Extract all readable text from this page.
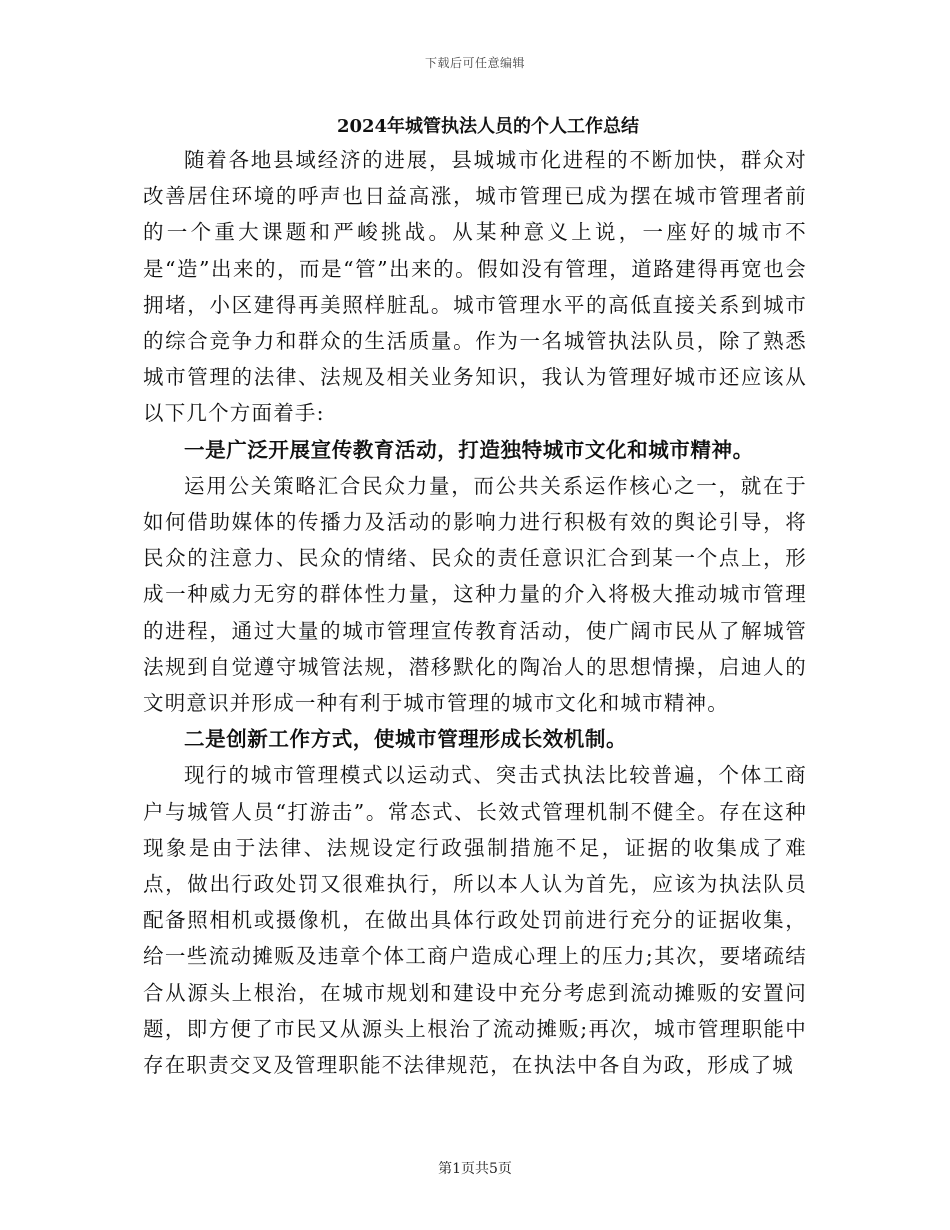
下载后可任意编辑
2024年城管执法人员的个人工作总结

随着各地县域经济的进展，县城城市化进程的不断加快，群众对改善居住环境的呼声也日益高涨，城市管理已成为摆在城市管理者前的一个重大课题和严峻挑战。从某种意义上说，一座好的城市不是“造”出来的，而是“管”出来的。假如没有管理，道路建得再宽也会拥堵，小区建得再美照样脏乱。城市管理水平的高低直接关系到城市的综合竞争力和群众的生活质量。作为一名城管执法队员，除了熟悉城市管理的法律、法规及相关业务知识，我认为管理好城市还应该从以下几个方面着手:

一是广泛开展宣传教育活动，打造独特城市文化和城市精神。

运用公关策略汇合民众力量，而公共关系运作核心之一，就在于如何借助媒体的传播力及活动的影响力进行积极有效的舆论引导，将民众的注意力、民众的情绪、民众的责任意识汇合到某一个点上，形成一种威力无穷的群体性力量，这种力量的介入将极大推动城市管理的进程，通过大量的城市管理宣传教育活动，使广阔市民从了解城管法规到自觉遵守城管法规，潜移默化的陶冶人的思想情操，启迪人的文明意识并形成一种有利于城市管理的城市文化和城市精神。

二是创新工作方式，使城市管理形成长效机制。

现行的城市管理模式以运动式、突击式执法比较普遍，个体工商户与城管人员“打游击”。常态式、长效式管理机制不健全。存在这种现象是由于法律、法规设定行政强制措施不足，证据的收集成了难点，做出行政处罚又很难执行，所以本人认为首先，应该为执法队员配备照相机或摄像机，在做出具体行政处罚前进行充分的证据收集，给一些流动摊贩及违章个体工商户造成心理上的压力;其次，要堵疏结合从源头上根治，在城市规划和建设中充分考虑到流动摊贩的安置问题，即方便了市民又从源头上根治了流动摊贩;再次，城市管理职能中存在职责交叉及管理职能不法律规范，在执法中各自为政，形成了城

第1页共5页
